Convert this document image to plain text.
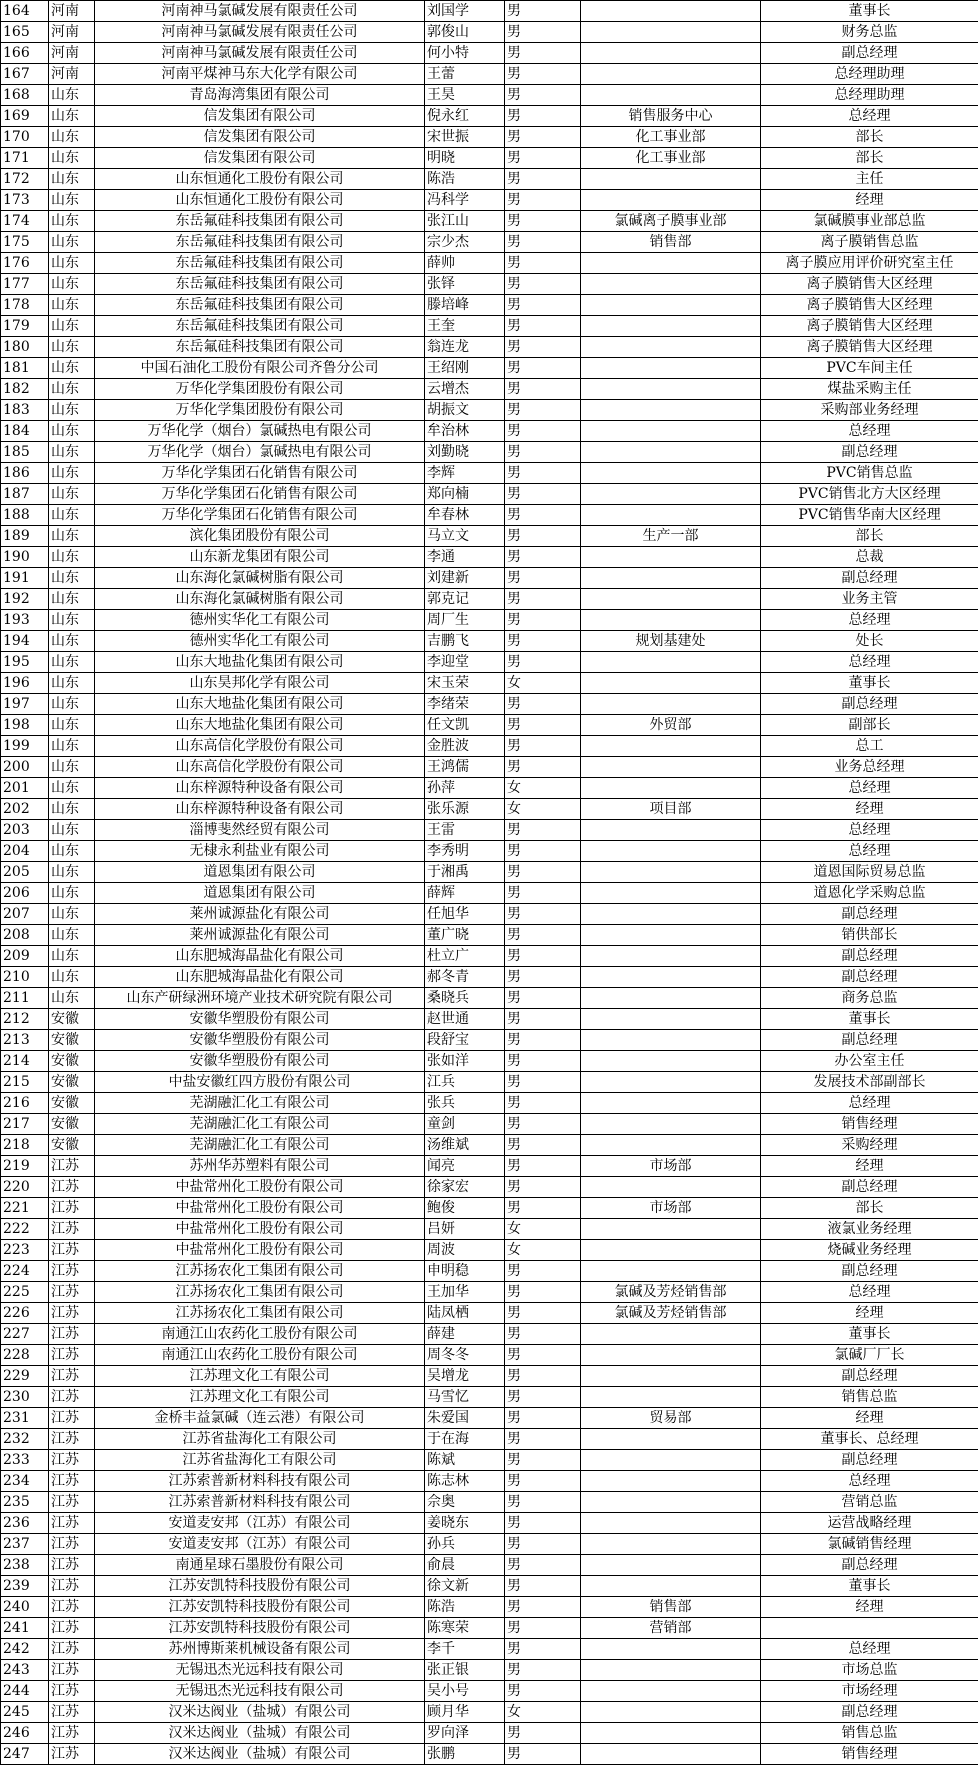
164	河南	河南神马氯碱发展有限责任公司	刘国学	男		董事长
165	河南	河南神马氯碱发展有限责任公司	郭俊山	男		财务总监
166	河南	河南神马氯碱发展有限责任公司	何小特	男		副总经理
167	河南	河南平煤神马东大化学有限公司	王蕾	男		总经理助理
168	山东	青岛海湾集团有限公司	王昊	男		总经理助理
169	山东	信发集团有限公司	倪永红	男	销售服务中心	总经理
170	山东	信发集团有限公司	宋世振	男	化工事业部	部长
171	山东	信发集团有限公司	明晓	男	化工事业部	部长
172	山东	山东恒通化工股份有限公司	陈浩	男		主任
173	山东	山东恒通化工股份有限公司	冯科学	男		经理
174	山东	东岳氟硅科技集团有限公司	张江山	男	氯碱离子膜事业部	氯碱膜事业部总监
175	山东	东岳氟硅科技集团有限公司	宗少杰	男	销售部	离子膜销售总监
176	山东	东岳氟硅科技集团有限公司	薛帅	男		离子膜应用评价研究室主任
177	山东	东岳氟硅科技集团有限公司	张铎	男		离子膜销售大区经理
178	山东	东岳氟硅科技集团有限公司	滕培峰	男		离子膜销售大区经理
179	山东	东岳氟硅科技集团有限公司	王奎	男		离子膜销售大区经理
180	山东	东岳氟硅科技集团有限公司	翁连龙	男		离子膜销售大区经理
181	山东	中国石油化工股份有限公司齐鲁分公司	王绍刚	男		PVC车间主任
182	山东	万华化学集团股份有限公司	云增杰	男		煤盐采购主任
183	山东	万华化学集团股份有限公司	胡振文	男		采购部业务经理
184	山东	万华化学（烟台）氯碱热电有限公司	牟治林	男		总经理
185	山东	万华化学（烟台）氯碱热电有限公司	刘勤晓	男		副总经理
186	山东	万华化学集团石化销售有限公司	李辉	男		PVC销售总监
187	山东	万华化学集团石化销售有限公司	郑向楠	男		PVC销售北方大区经理
188	山东	万华化学集团石化销售有限公司	牟春林	男		PVC销售华南大区经理
189	山东	滨化集团股份有限公司	马立文	男	生产一部	部长
190	山东	山东新龙集团有限公司	李通	男		总裁
191	山东	山东海化氯碱树脂有限公司	刘建新	男		副总经理
192	山东	山东海化氯碱树脂有限公司	郭克记	男		业务主管
193	山东	德州实华化工有限公司	周厂生	男		总经理
194	山东	德州实华化工有限公司	吉鹏飞	男	规划基建处	处长
195	山东	山东大地盐化集团有限公司	李迎堂	男		总经理
196	山东	山东昊邦化学有限公司	宋玉荣	女		董事长
197	山东	山东大地盐化集团有限公司	李绪荣	男		副总经理
198	山东	山东大地盐化集团有限公司	任文凯	男	外贸部	副部长
199	山东	山东高信化学股份有限公司	金胜波	男		总工
200	山东	山东高信化学股份有限公司	王鸿儒	男		业务总经理
201	山东	山东梓源特种设备有限公司	孙萍	女		总经理
202	山东	山东梓源特种设备有限公司	张乐源	女	项目部	经理
203	山东	淄博斐然经贸有限公司	王雷	男		总经理
204	山东	无棣永利盐业有限公司	李秀明	男		总经理
205	山东	道恩集团有限公司	于湘禹	男		道恩国际贸易总监
206	山东	道恩集团有限公司	薛辉	男		道恩化学采购总监
207	山东	莱州诚源盐化有限公司	任旭华	男		副总经理
208	山东	莱州诚源盐化有限公司	董广晓	男		销供部长
209	山东	山东肥城海晶盐化有限公司	杜立广	男		副总经理
210	山东	山东肥城海晶盐化有限公司	郝冬青	男		副总经理
211	山东	山东产研绿洲环境产业技术研究院有限公司	桑晓兵	男		商务总监
212	安徽	安徽华塑股份有限公司	赵世通	男		董事长
213	安徽	安徽华塑股份有限公司	段舒宝	男		副总经理
214	安徽	安徽华塑股份有限公司	张如洋	男		办公室主任
215	安徽	中盐安徽红四方股份有限公司	江兵	男		发展技术部副部长
216	安徽	芜湖融汇化工有限公司	张兵	男		总经理
217	安徽	芜湖融汇化工有限公司	童剑	男		销售经理
218	安徽	芜湖融汇化工有限公司	汤维斌	男		采购经理
219	江苏	苏州华苏塑料有限公司	闻亮	男	市场部	经理
220	江苏	中盐常州化工股份有限公司	徐家宏	男		副总经理
221	江苏	中盐常州化工股份有限公司	鲍俊	男	市场部	部长
222	江苏	中盐常州化工股份有限公司	吕妍	女		液氯业务经理
223	江苏	中盐常州化工股份有限公司	周波	女		烧碱业务经理
224	江苏	江苏扬农化工集团有限公司	申明稳	男		副总经理
225	江苏	江苏扬农化工集团有限公司	王加华	男	氯碱及芳烃销售部	总经理
226	江苏	江苏扬农化工集团有限公司	陆凤栖	男	氯碱及芳烃销售部	经理
227	江苏	南通江山农药化工股份有限公司	薛建	男		董事长
228	江苏	南通江山农药化工股份有限公司	周冬冬	男		氯碱厂厂长
229	江苏	江苏理文化工有限公司	吴增龙	男		副总经理
230	江苏	江苏理文化工有限公司	马雪忆	男		销售总监
231	江苏	金桥丰益氯碱（连云港）有限公司	朱爱国	男	贸易部	经理
232	江苏	江苏省盐海化工有限公司	于在海	男		董事长、总经理
233	江苏	江苏省盐海化工有限公司	陈斌	男		副总经理
234	江苏	江苏索普新材料科技有限公司	陈志林	男		总经理
235	江苏	江苏索普新材料科技有限公司	佘奥	男		营销总监
236	江苏	安道麦安邦（江苏）有限公司	姜晓东	男		运营战略经理
237	江苏	安道麦安邦（江苏）有限公司	孙兵	男		氯碱销售经理
238	江苏	南通星球石墨股份有限公司	俞晨	男		副总经理
239	江苏	江苏安凯特科技股份有限公司	徐文新	男		董事长
240	江苏	江苏安凯特科技股份有限公司	陈浩	男	销售部	经理
241	江苏	江苏安凯特科技股份有限公司	陈寒荣	男	营销部	
242	江苏	苏州博斯莱机械设备有限公司	李千	男		总经理
243	江苏	无锡迅杰光远科技有限公司	张正银	男		市场总监
244	江苏	无锡迅杰光远科技有限公司	吴小号	男		市场经理
245	江苏	汉米达阀业（盐城）有限公司	顾月华	女		副总经理
246	江苏	汉米达阀业（盐城）有限公司	罗向泽	男		销售总监
247	江苏	汉米达阀业（盐城）有限公司	张鹏	男		销售经理
